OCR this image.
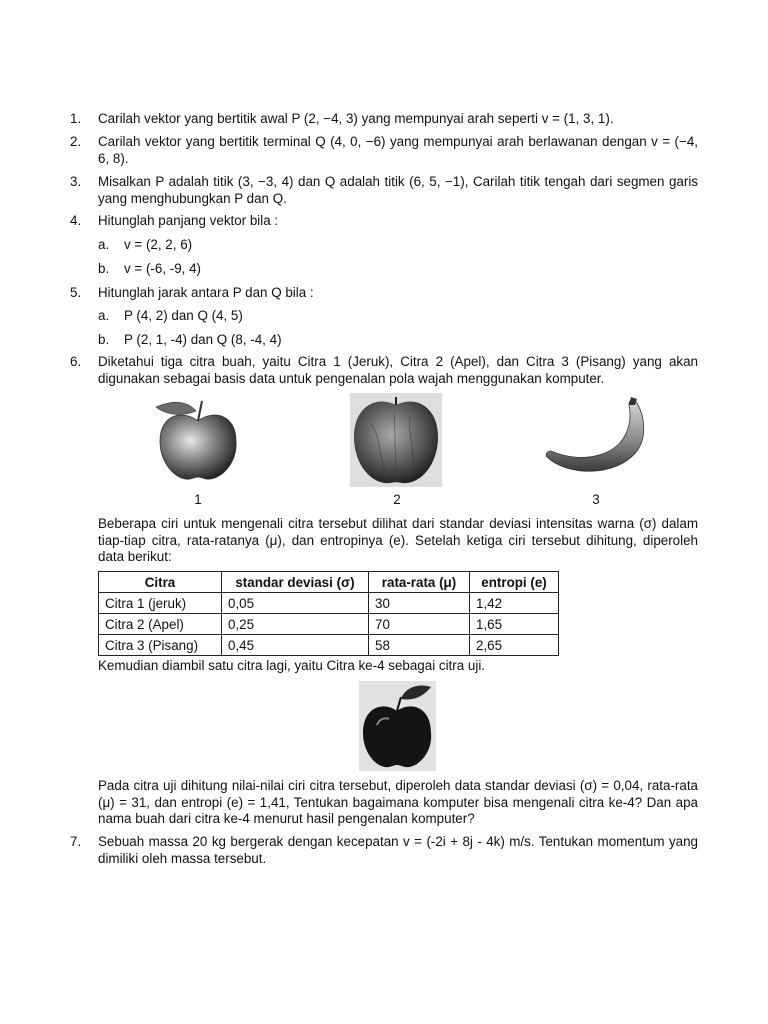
1.	Carilah vektor yang bertitik awal P (2, −4, 3) yang mempunyai arah seperti v = (1, 3, 1).
2.	Carilah vektor yang bertitik terminal Q (4, 0, −6) yang mempunyai arah berlawanan dengan v = (−4, 6, 8).
3.	Misalkan P adalah titik (3, −3, 4) dan Q adalah titik (6, 5, −1), Carilah titik tengah dari segmen garis yang menghubungkan P dan Q.
4.	Hitunglah panjang vektor bila :
a.	v = (2, 2, 6)
b.	v = (-6, -9, 4)
5.	Hitunglah jarak antara P dan Q bila :
a.	P (4, 2) dan Q (4, 5)
b.	P (2, 1, -4) dan Q (8, -4, 4)
6.	Diketahui tiga citra buah, yaitu Citra 1 (Jeruk), Citra 2 (Apel), dan Citra 3 (Pisang) yang akan digunakan sebagai basis data untuk pengenalan pola wajah menggunakan komputer.
1	2	3
Beberapa ciri untuk mengenali citra tersebut dilihat dari standar deviasi intensitas warna (σ) dalam tiap-tiap citra, rata-ratanya (μ), dan entropinya (e). Setelah ketiga ciri tersebut dihitung, diperoleh data berikut:
Citra	standar deviasi (σ)	rata-rata (μ)	entropi (e)
Citra 1 (jeruk)	0,05	30	1,42
Citra 2 (Apel)	0,25	70	1,65
Citra 3 (Pisang)	0,45	58	2,65
Kemudian diambil satu citra lagi, yaitu Citra ke-4 sebagai citra uji.
Pada citra uji dihitung nilai-nilai ciri citra tersebut, diperoleh data standar deviasi (σ) = 0,04, rata-rata (μ) = 31, dan entropi (e) = 1,41, Tentukan bagaimana komputer bisa mengenali citra ke-4? Dan apa nama buah dari citra ke-4 menurut hasil pengenalan komputer?
7.	Sebuah massa 20 kg bergerak dengan kecepatan v = (-2i + 8j - 4k) m/s. Tentukan momentum yang dimiliki oleh massa tersebut.
